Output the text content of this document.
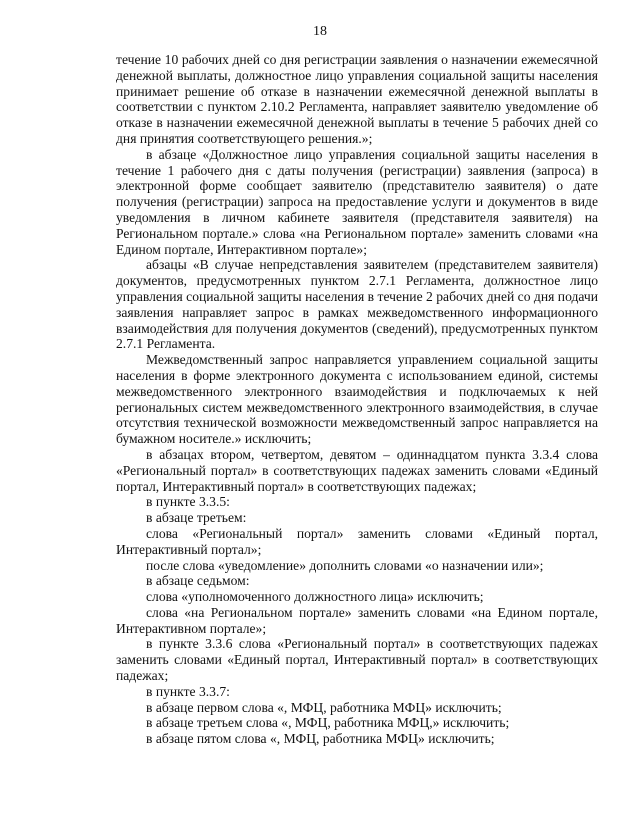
18

течение 10 рабочих дней со дня регистрации заявления о назначении ежемесячной денежной выплаты, должностное лицо управления социальной защиты населения принимает решение об отказе в назначении ежемесячной денежной выплаты в соответствии с пунктом 2.10.2 Регламента, направляет заявителю уведомление об отказе в назначении ежемесячной денежной выплаты в течение 5 рабочих дней со дня принятия соответствующего решения.»;

в абзаце «Должностное лицо управления социальной защиты населения в течение 1 рабочего дня с даты получения (регистрации) заявления (запроса) в электронной форме сообщает заявителю (представителю заявителя) о дате получения (регистрации) запроса на предоставление услуги и документов в виде уведомления в личном кабинете заявителя (представителя заявителя) на Региональном портале.» слова «на Региональном портале» заменить словами «на Едином портале, Интерактивном портале»;

абзацы «В случае непредставления заявителем (представителем заявителя) документов, предусмотренных пунктом 2.7.1 Регламента, должностное лицо управления социальной защиты населения в течение 2 рабочих дней со дня подачи заявления направляет запрос в рамках межведомственного информационного взаимодействия для получения документов (сведений), предусмотренных пунктом 2.7.1 Регламента.

Межведомственный запрос направляется управлением социальной защиты населения в форме электронного документа с использованием единой, системы межведомственного электронного взаимодействия и подключаемых к ней региональных систем межведомственного электронного взаимодействия, в случае отсутствия технической возможности межведомственный запрос направляется на бумажном носителе.» исключить;

в абзацах втором, четвертом, девятом – одиннадцатом пункта 3.3.4 слова «Региональный портал» в соответствующих падежах заменить словами «Единый портал, Интерактивный портал» в соответствующих падежах;

в пункте 3.3.5:

в абзаце третьем:

слова «Региональный портал» заменить словами «Единый портал, Интерактивный портал»;

после слова «уведомление» дополнить словами «о назначении или»;

в абзаце седьмом:

слова «уполномоченного должностного лица» исключить;

слова «на Региональном портале» заменить словами «на Едином портале, Интерактивном портале»;

в пункте 3.3.6 слова «Региональный портал» в соответствующих падежах заменить словами «Единый портал, Интерактивный портал» в соответствующих падежах;

в пункте 3.3.7:

в абзаце первом слова «, МФЦ, работника МФЦ» исключить;

в абзаце третьем слова «, МФЦ, работника МФЦ,» исключить;

в абзаце пятом слова «, МФЦ, работника МФЦ» исключить;
